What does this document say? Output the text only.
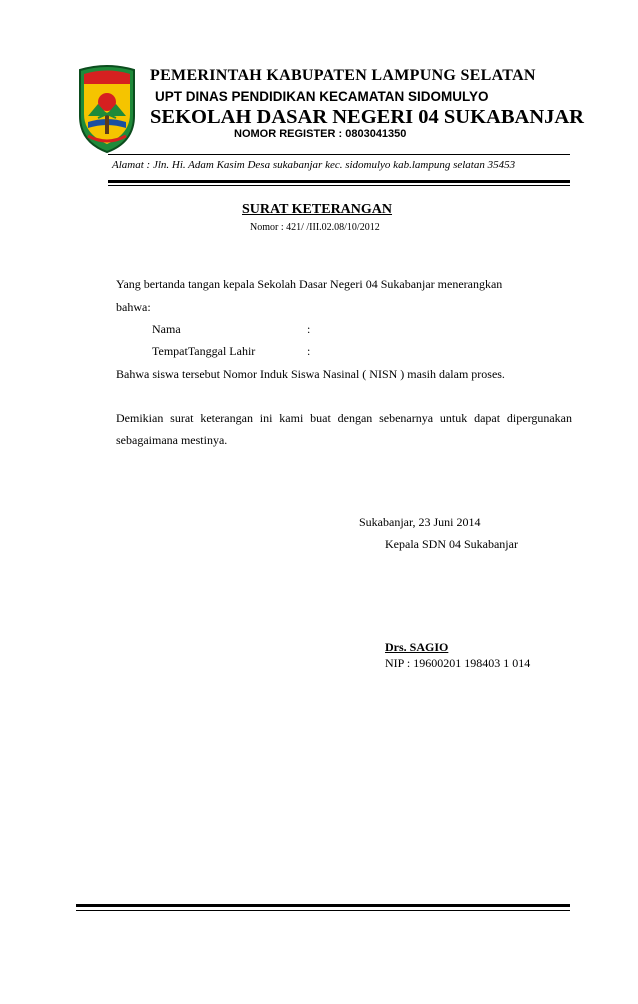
PEMERINTAH KABUPATEN LAMPUNG SELATAN
UPT DINAS PENDIDIKAN KECAMATAN SIDOMULYO
SEKOLAH DASAR NEGERI 04 SUKABANJAR
NOMOR REGISTER : 0803041350
Alamat : Jln. Hi. Adam Kasim Desa sukabanjar kec. sidomulyo kab.lampung selatan 35453
SURAT KETERANGAN
Nomor : 421/ /III.02.08/10/2012
Yang bertanda tangan kepala Sekolah Dasar Negeri 04 Sukabanjar menerangkan
bahwa:
Nama	:
TempatTanggal Lahir	:
Bahwa siswa tersebut Nomor Induk Siswa Nasinal ( NISN ) masih dalam proses.
Demikian surat keterangan ini kami buat dengan sebenarnya untuk dapat dipergunakan
sebagaimana mestinya.
Sukabanjar, 23 Juni 2014
Kepala SDN 04 Sukabanjar
Drs. SAGIO
NIP : 19600201 198403 1 014
